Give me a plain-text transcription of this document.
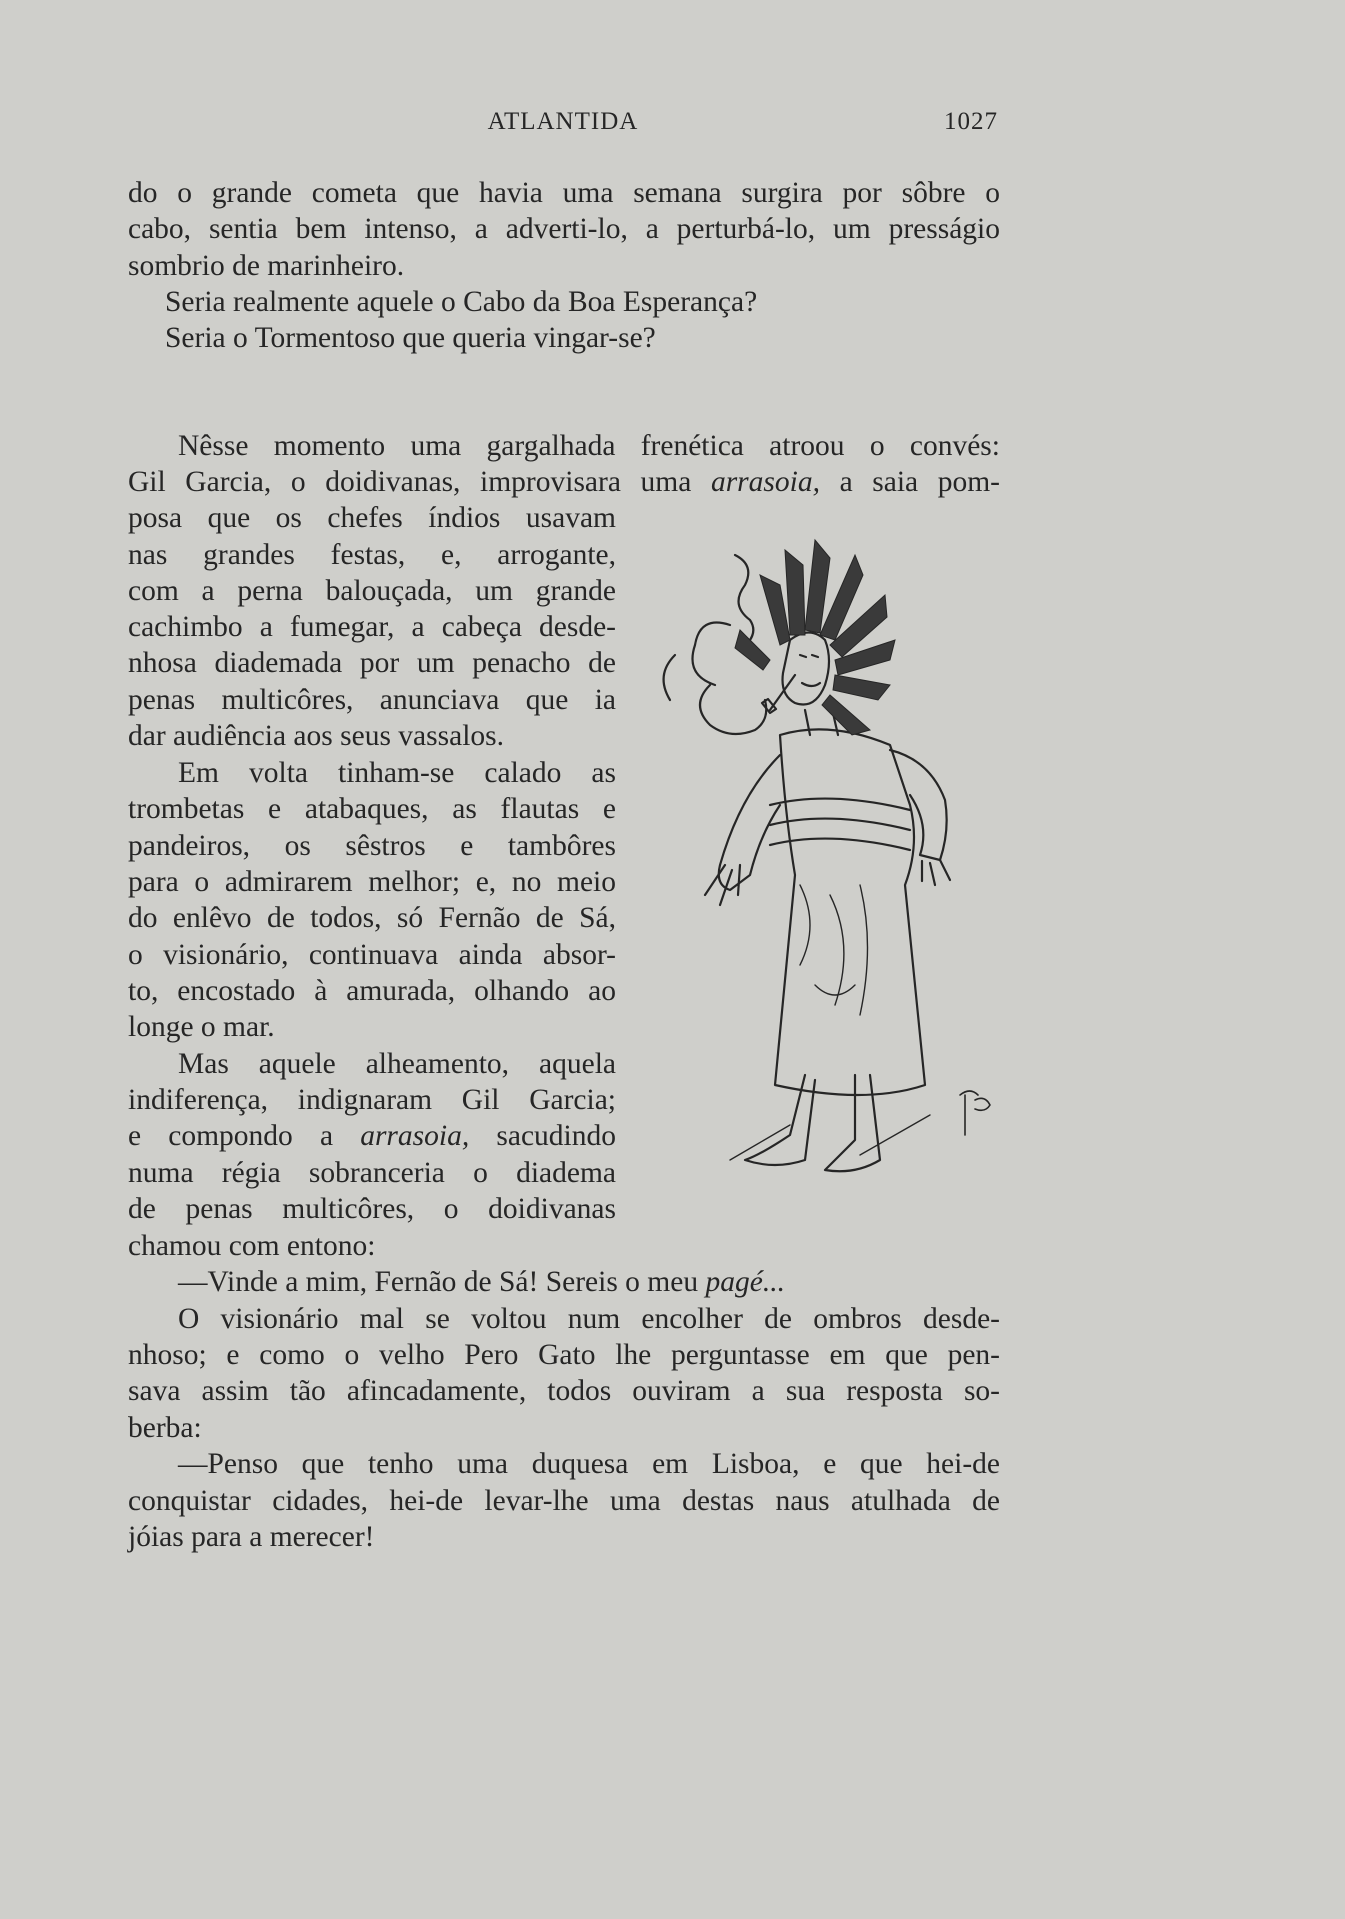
ATLANTIDA	1027
do o grande cometa que havia uma semana surgira por sôbre o
cabo, sentia bem intenso, a adverti-lo, a perturbá-lo, um presságio
sombrio de marinheiro.
Seria realmente aquele o Cabo da Boa Esperança?
Seria o Tormentoso que queria vingar-se?
Nêsse momento uma gargalhada frenética atroou o convés:
Gil Garcia, o doidivanas, improvisara uma arrasoia, a saia pom-
posa que os chefes índios usavam
nas grandes festas, e, arrogante,
com a perna balouçada, um grande
cachimbo a fumegar, a cabeça desde-
nhosa diademada por um penacho de
penas multicôres, anunciava que ia
dar audiência aos seus vassalos.
Em volta tinham-se calado as
trombetas e atabaques, as flautas e
pandeiros, os sêstros e tambôres
para o admirarem melhor; e, no meio
do enlêvo de todos, só Fernão de Sá,
o visionário, continuava ainda absor-
to, encostado à amurada, olhando ao
longe o mar.
Mas aquele alheamento, aquela
indiferença, indignaram Gil Garcia;
e compondo a arrasoia, sacudindo
numa régia sobranceria o diadema
de penas multicôres, o doidivanas
chamou com entono:
—Vinde a mim, Fernão de Sá! Sereis o meu pagé...
O visionário mal se voltou num encolher de ombros desde-
nhoso; e como o velho Pero Gato lhe perguntasse em que pen-
sava assim tão afincadamente, todos ouviram a sua resposta so-
berba:
—Penso que tenho uma duquesa em Lisboa, e que hei-de
conquistar cidades, hei-de levar-lhe uma destas naus atulhada de
jóias para a merecer!
